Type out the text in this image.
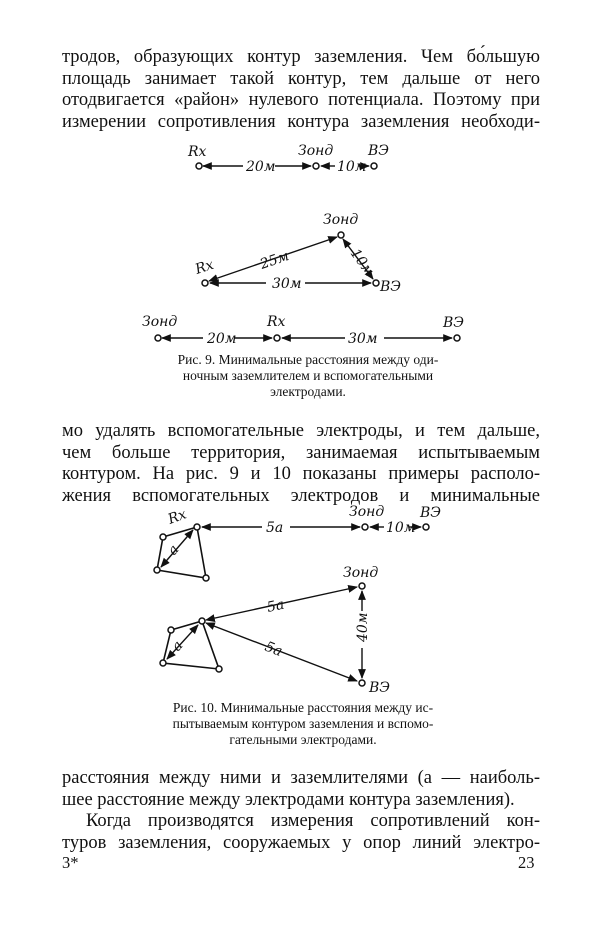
тродов, образующих контур заземления. Чем бо́льшую
площадь занимает такой контур, тем дальше от него
отодвигается «район» нулевого потенциала. Поэтому при
измерении сопротивления контура заземления необходи-
Rх	Зонд ВЭ
20м	10м
Rх
Зонд
ВЭ
25м	10м
30м
Зонд	Rх	ВЭ
20м	30м
Рис. 9. Минимальные расстояния между оди-
ночным заземлителем и вспомогательными
электродами.
мо удалять вспомогательные электроды, и тем дальше,
чем больше территория, занимаемая испытываемым
контуром. На рис. 9 и 10 показаны примеры располо-
жения вспомогательных электродов и минимальные
a
Rх	Зонд	ВЭ
5a	10м
a
Зонд
ВЭ
5a
5a
40м
Рис. 10. Минимальные расстояния между ис-
пытываемым контуром заземления и вспомо-
гательными электродами.
расстояния между ними и заземлителями (a — наиболь-
шее расстояние между электродами контура заземления).
Когда производятся измерения сопротивлений кон-
туров заземления, сооружаемых у опор линий электро-
3*	23
